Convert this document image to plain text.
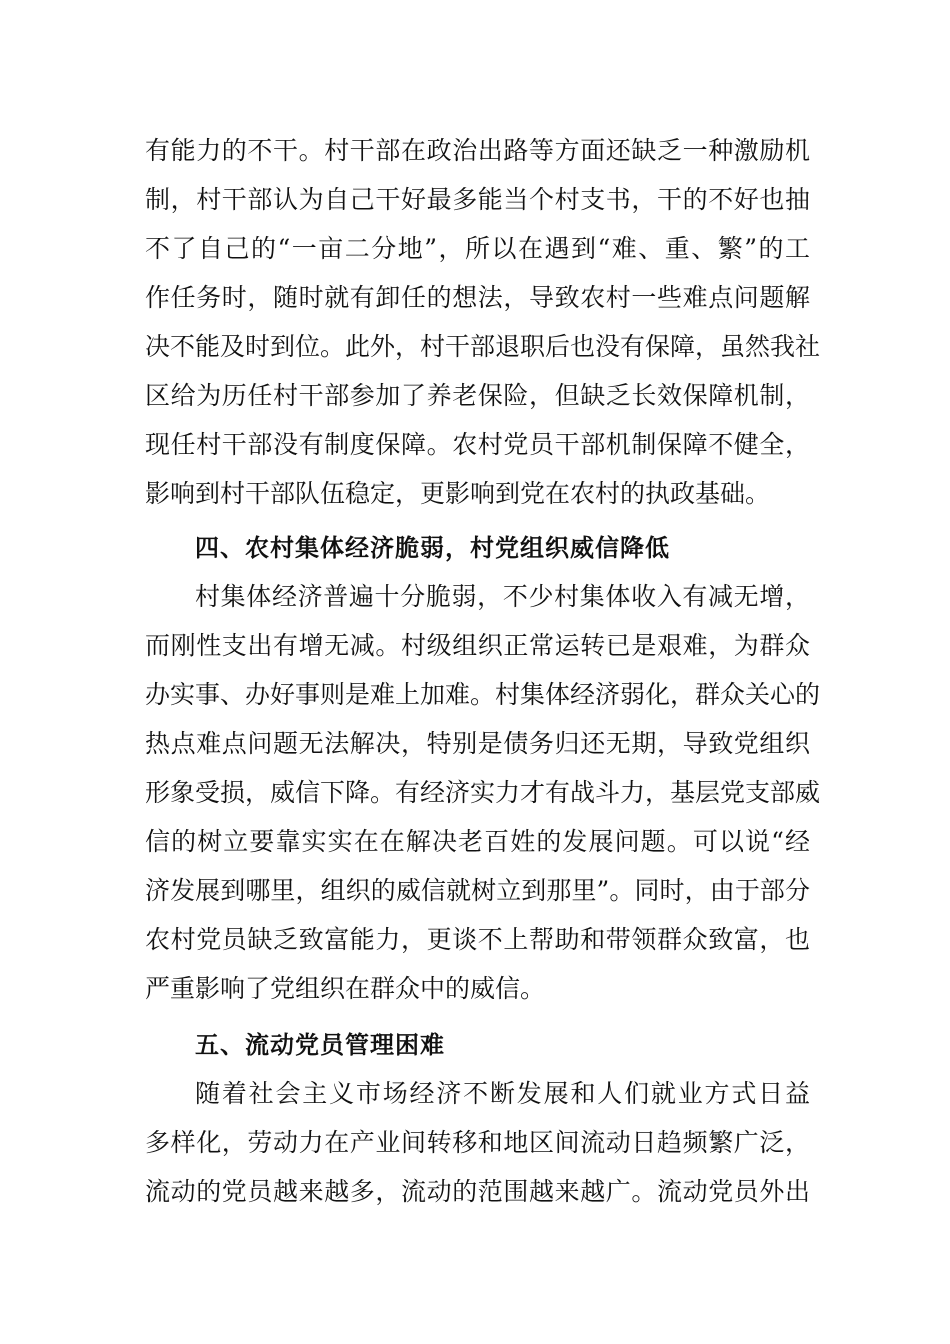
有能力的不干。村干部在政治出路等方面还缺乏一种激励机
制，村干部认为自己干好最多能当个村支书，干的不好也抽
不了自己的“一亩二分地”，所以在遇到“难、重、繁”的工
作任务时，随时就有卸任的想法，导致农村一些难点问题解
决不能及时到位。此外，村干部退职后也没有保障，虽然我社
区给为历任村干部参加了养老保险，但缺乏长效保障机制，
现任村干部没有制度保障。农村党员干部机制保障不健全，
影响到村干部队伍稳定，更影响到党在农村的执政基础。
村集体经济普遍十分脆弱，不少村集体收入有减无增，
而刚性支出有增无减。村级组织正常运转已是艰难，为群众
办实事、办好事则是难上加难。村集体经济弱化，群众关心的
热点难点问题无法解决，特别是债务归还无期，导致党组织
形象受损，威信下降。有经济实力才有战斗力，基层党支部威
信的树立要靠实实在在解决老百姓的发展问题。可以说“经
济发展到哪里，组织的威信就树立到那里”。同时，由于部分
农村党员缺乏致富能力，更谈不上帮助和带领群众致富，也
严重影响了党组织在群众中的威信。
随着社会主义市场经济不断发展和人们就业方式日益
多样化，劳动力在产业间转移和地区间流动日趋频繁广泛，
流动的党员越来越多，流动的范围越来越广。流动党员外出
四、农村集体经济脆弱，村党组织威信降低
五、流动党员管理困难
